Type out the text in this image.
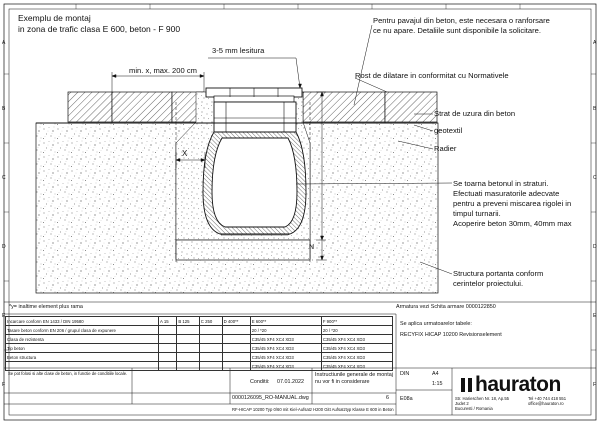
A
B
C
D
E
F
A
B
C
D
E
F
Exemplu de montaj
in zona de trafic clasa E 600, beton - F 900
3-5 mm lesitura
min. x, max. 200 cm
X
N
Pentru pavajul din beton, este necesara o ranforsare
ce nu apare. Detaliile sunt disponibile la solicitare.
Rost de dilatare in conformitat cu Normativele
Strat de uzura din beton
geotextil
Radier
Se toarna betonul in straturi.
Efectuati masuratorile adecvate
pentru a preveni miscarea rigolei in
timpul turnarii.
Acoperire beton 30mm, 40mm max
Structura portanta conform
cerintelor proiectului.
*y= inaltime element plus rama	Armatura vezi Schita armare 0000122850
Incarcare conform EN 1433 / DIN 19580	A 15	B 125	C 250	D 400**	E 600**	F 900**
Tasare beton conform EN 206 / grupul clasa de expunere					20 / *20	20 / *20
Clasa de rezistenta					C35/45 XF4 XC4 XD3	C35/45 XF4 XC4 XD3
Tip beton					C35/45 XF4 XC4 XD3	C35/45 XF4 XC4 XD3
Beton structura					C35/45 XF4 XC4 XD3	C35/45 XF4 XC4 XD3
					C35/45 XF4 XC4 XD3	C35/45 XF4 XC4 XD3
Se pot folosi si alte clase de beton, in functie de conditiile locale.
Conditii: 07.01.2022
0000126095_RO-MANUAL.dwg
RF-HICAP 10200 Typ 0/60 mit Kiel-Aufsatz H200 Gitt Aufsatztyp Klasse E 600 in Beton
Se aplica urmatoarelor tabele:
RECYFIX HICAP 10200 Revisionselement
Instructiunile generale de montaj
nu vor fi in considerare
DIN	A4
1:15
E08a
6
hauraton
Str. Harieschen Nr. 18, Ap.55
Judet 2
Bucuresti / Romania
Tel +40 744 418 551
office@hauraton.ro
